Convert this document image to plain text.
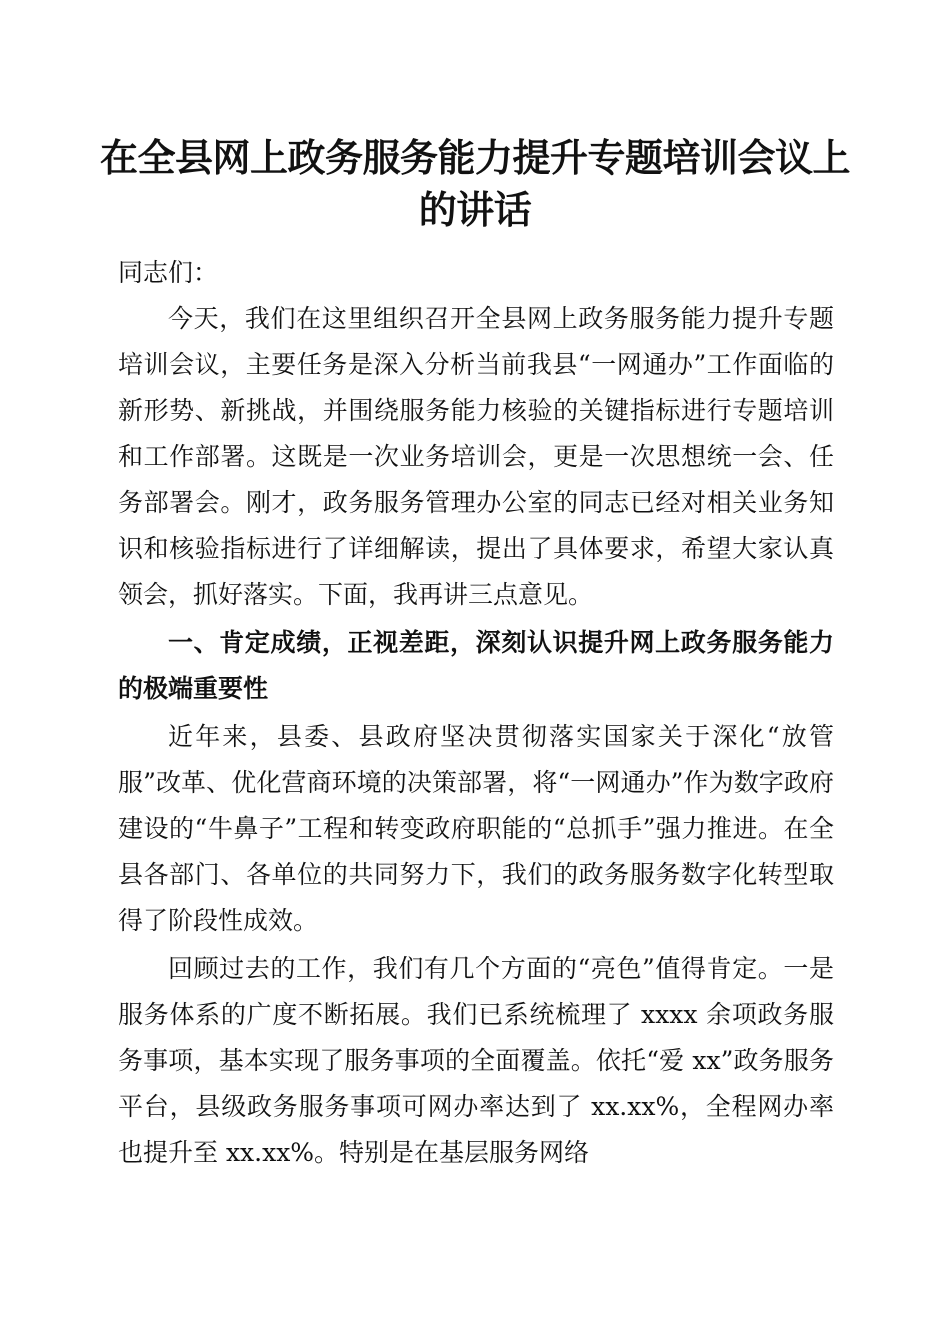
在全县网上政务服务能力提升专题培训会议上的讲话

同志们：

今天，我们在这里组织召开全县网上政务服务能力提升专题培训会议，主要任务是深入分析当前我县“一网通办”工作面临的新形势、新挑战，并围绕服务能力核验的关键指标进行专题培训和工作部署。这既是一次业务培训会，更是一次思想统一会、任务部署会。刚才，政务服务管理办公室的同志已经对相关业务知识和核验指标进行了详细解读，提出了具体要求，希望大家认真领会，抓好落实。下面，我再讲三点意见。

一、肯定成绩，正视差距，深刻认识提升网上政务服务能力的极端重要性

近年来，县委、县政府坚决贯彻落实国家关于深化“放管服”改革、优化营商环境的决策部署，将“一网通办”作为数字政府建设的“牛鼻子”工程和转变政府职能的“总抓手”强力推进。在全县各部门、各单位的共同努力下，我们的政务服务数字化转型取得了阶段性成效。

回顾过去的工作，我们有几个方面的“亮色”值得肯定。一是服务体系的广度不断拓展。我们已系统梳理了 xxxx 余项政务服务事项，基本实现了服务事项的全面覆盖。依托“爱 xx”政务服务平台，县级政务服务事项可网办率达到了 xx.xx%，全程网办率也提升至 xx.xx%。特别是在基层服务网络
